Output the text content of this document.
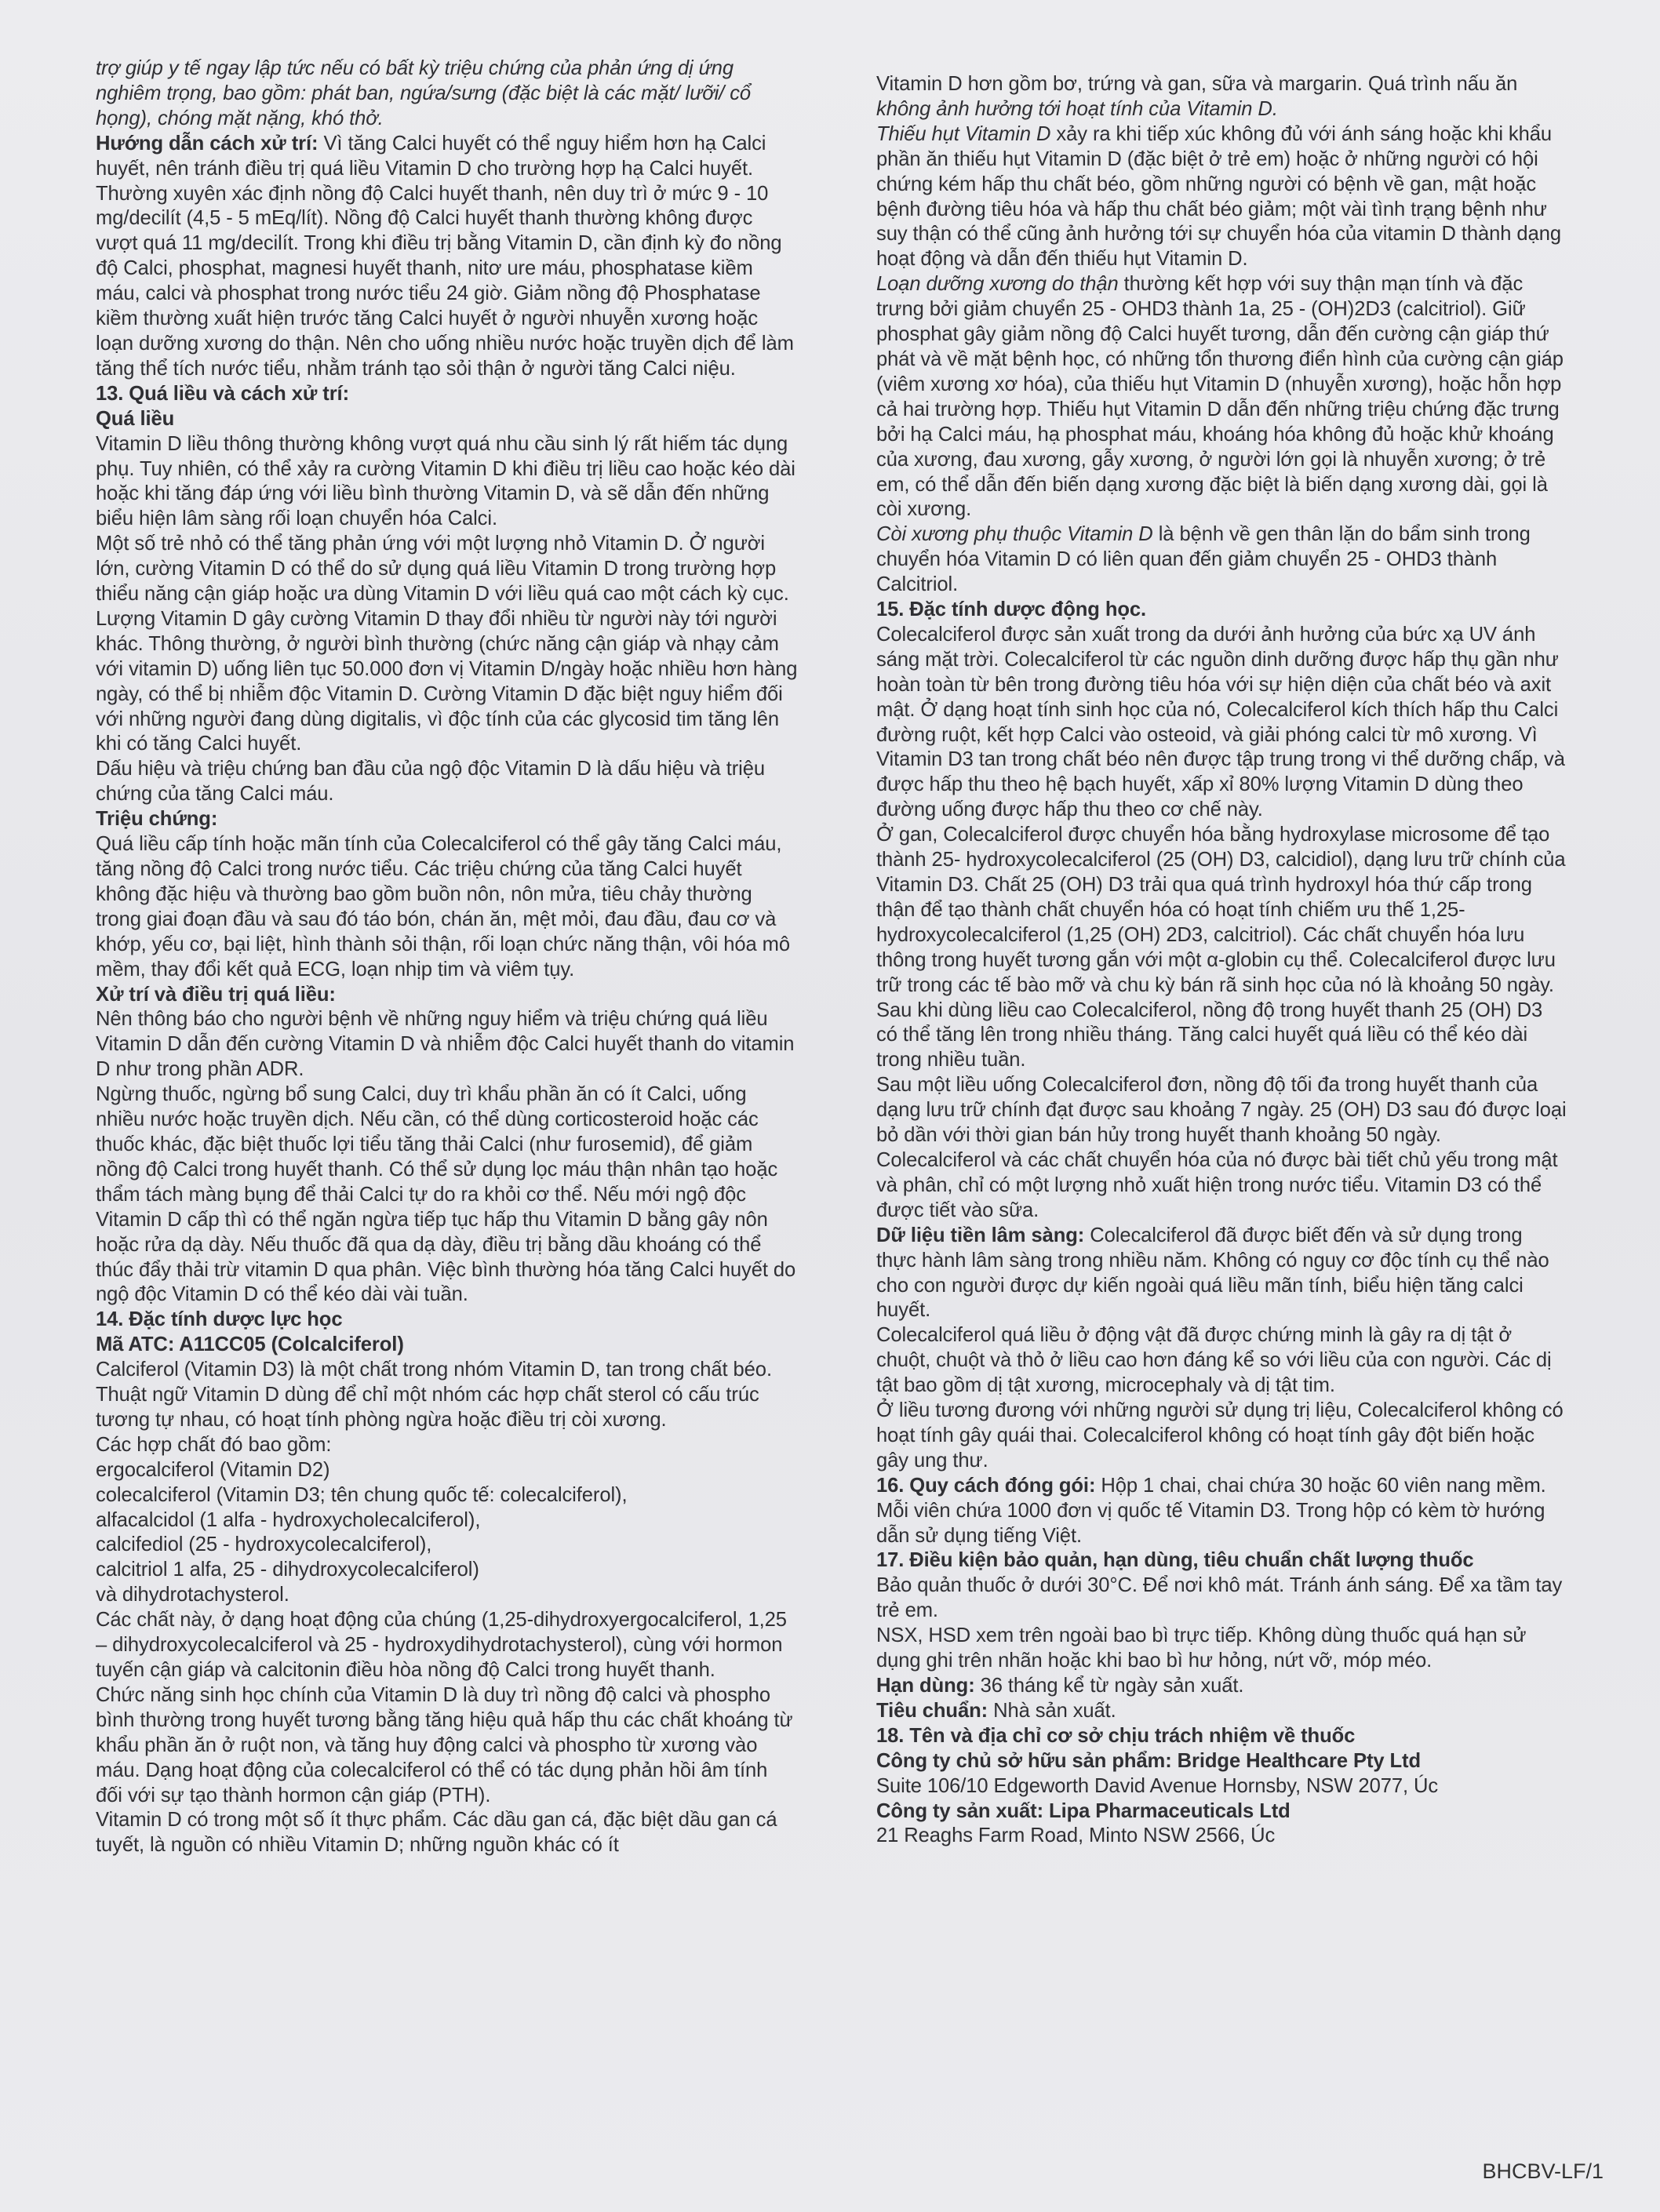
trợ giúp y tế ngay lập tức nếu có bất kỳ triệu chứng của phản ứng dị ứng nghiêm trọng, bao gồm: phát ban, ngứa/sưng (đặc biệt là các mặt/ lưỡi/ cổ họng), chóng mặt nặng, khó thở.

Hướng dẫn cách xử trí: Vì tăng Calci huyết có thể nguy hiểm hơn hạ Calci huyết, nên tránh điều trị quá liều Vitamin D cho trường hợp hạ Calci huyết. Thường xuyên xác định nồng độ Calci huyết thanh, nên duy trì ở mức 9 - 10 mg/decilít (4,5 - 5 mEq/lít). Nồng độ Calci huyết thanh thường không được vượt quá 11 mg/decilít. Trong khi điều trị bằng Vitamin D, cần định kỳ đo nồng độ Calci, phosphat, magnesi huyết thanh, nitơ ure máu, phosphatase kiềm máu, calci và phosphat trong nước tiểu 24 giờ. Giảm nồng độ Phosphatase kiềm thường xuất hiện trước tăng Calci huyết ở người nhuyễn xương hoặc loạn dưỡng xương do thận. Nên cho uống nhiều nước hoặc truyền dịch để làm tăng thể tích nước tiểu, nhằm tránh tạo sỏi thận ở người tăng Calci niệu.

13. Quá liều và cách xử trí:

Quá liều

Vitamin D liều thông thường không vượt quá nhu cầu sinh lý rất hiếm tác dụng phụ. Tuy nhiên, có thể xảy ra cường Vitamin D khi điều trị liều cao hoặc kéo dài hoặc khi tăng đáp ứng với liều bình thường Vitamin D, và sẽ dẫn đến những biểu hiện lâm sàng rối loạn chuyển hóa Calci.

Một số trẻ nhỏ có thể tăng phản ứng với một lượng nhỏ Vitamin D. Ở người lớn, cường Vitamin D có thể do sử dụng quá liều Vitamin D trong trường hợp thiểu năng cận giáp hoặc ưa dùng Vitamin D với liều quá cao một cách kỳ cục.

Lượng Vitamin D gây cường Vitamin D thay đổi nhiều từ người này tới người khác. Thông thường, ở người bình thường (chức năng cận giáp và nhạy cảm với vitamin D) uống liên tục 50.000 đơn vị Vitamin D/ngày hoặc nhiều hơn hàng ngày, có thể bị nhiễm độc Vitamin D. Cường Vitamin D đặc biệt nguy hiểm đối với những người đang dùng digitalis, vì độc tính của các glycosid tim tăng lên khi có tăng Calci huyết.

Dấu hiệu và triệu chứng ban đầu của ngộ độc Vitamin D là dấu hiệu và triệu chứng của tăng Calci máu.

Triệu chứng:

Quá liều cấp tính hoặc mãn tính của Colecalciferol có thể gây tăng Calci máu, tăng nồng độ Calci trong nước tiểu. Các triệu chứng của tăng Calci huyết không đặc hiệu và thường bao gồm buồn nôn, nôn mửa, tiêu chảy thường trong giai đoạn đầu và sau đó táo bón, chán ăn, mệt mỏi, đau đầu, đau cơ và khớp, yếu cơ, bại liệt, hình thành sỏi thận, rối loạn chức năng thận, vôi hóa mô mềm, thay đổi kết quả ECG, loạn nhịp tim và viêm tụy.

Xử trí và điều trị quá liều:

Nên thông báo cho người bệnh về những nguy hiểm và triệu chứng quá liều Vitamin D dẫn đến cường Vitamin D và nhiễm độc Calci huyết thanh do vitamin D như trong phần ADR.

Ngừng thuốc, ngừng bổ sung Calci, duy trì khẩu phần ăn có ít Calci, uống nhiều nước hoặc truyền dịch. Nếu cần, có thể dùng corticosteroid hoặc các thuốc khác, đặc biệt thuốc lợi tiểu tăng thải Calci (như furosemid), để giảm nồng độ Calci trong huyết thanh. Có thể sử dụng lọc máu thận nhân tạo hoặc thẩm tách màng bụng để thải Calci tự do ra khỏi cơ thể. Nếu mới ngộ độc Vitamin D cấp thì có thể ngăn ngừa tiếp tục hấp thu Vitamin D bằng gây nôn hoặc rửa dạ dày. Nếu thuốc đã qua dạ dày, điều trị bằng dầu khoáng có thể thúc đẩy thải trừ vitamin D qua phân. Việc bình thường hóa tăng Calci huyết do ngộ độc Vitamin D có thể kéo dài vài tuần.

14. Đặc tính dược lực học

Mã ATC: A11CC05 (Colcalciferol)

Calciferol (Vitamin D3) là một chất trong nhóm Vitamin D, tan trong chất béo. Thuật ngữ Vitamin D dùng để chỉ một nhóm các hợp chất sterol có cấu trúc tương tự nhau, có hoạt tính phòng ngừa hoặc điều trị còi xương.

Các hợp chất đó bao gồm:

ergocalciferol (Vitamin D2)

colecalciferol (Vitamin D3; tên chung quốc tế: colecalciferol),

alfacalcidol (1 alfa - hydroxycholecalciferol),

calcifediol (25 - hydroxycolecalciferol),

calcitriol 1 alfa, 25 - dihydroxycolecalciferol)

và dihydrotachysterol.

Các chất này, ở dạng hoạt động của chúng (1,25-dihydroxyergocalciferol, 1,25 – dihydroxycolecalciferol và 25 - hydroxydihydrotachysterol), cùng với hormon tuyến cận giáp và calcitonin điều hòa nồng độ Calci trong huyết thanh.

Chức năng sinh học chính của Vitamin D là duy trì nồng độ calci và phospho bình thường trong huyết tương bằng tăng hiệu quả hấp thu các chất khoáng từ khẩu phần ăn ở ruột non, và tăng huy động calci và phospho từ xương vào máu. Dạng hoạt động của colecalciferol có thể có tác dụng phản hồi âm tính đối với sự tạo thành hormon cận giáp (PTH).

Vitamin D có trong một số ít thực phẩm. Các dầu gan cá, đặc biệt dầu gan cá tuyết, là nguồn có nhiều Vitamin D; những nguồn khác có ít

Vitamin D hơn gồm bơ, trứng và gan, sữa và margarin. Quá trình nấu ăn không ảnh hưởng tới hoạt tính của Vitamin D.

Thiếu hụt Vitamin D xảy ra khi tiếp xúc không đủ với ánh sáng hoặc khi khẩu phần ăn thiếu hụt Vitamin D (đặc biệt ở trẻ em) hoặc ở những người có hội chứng kém hấp thu chất béo, gồm những người có bệnh về gan, mật hoặc bệnh đường tiêu hóa và hấp thu chất béo giảm; một vài tình trạng bệnh như suy thận có thể cũng ảnh hưởng tới sự chuyển hóa của vitamin D thành dạng hoạt động và dẫn đến thiếu hụt Vitamin D.

Loạn dưỡng xương do thận thường kết hợp với suy thận mạn tính và đặc trưng bởi giảm chuyển 25 - OHD3 thành 1a, 25 - (OH)2D3 (calcitriol). Giữ phosphat gây giảm nồng độ Calci huyết tương, dẫn đến cường cận giáp thứ phát và về mặt bệnh học, có những tổn thương điển hình của cường cận giáp (viêm xương xơ hóa), của thiếu hụt Vitamin D (nhuyễn xương), hoặc hỗn hợp cả hai trường hợp. Thiếu hụt Vitamin D dẫn đến những triệu chứng đặc trưng bởi hạ Calci máu, hạ phosphat máu, khoáng hóa không đủ hoặc khử khoáng của xương, đau xương, gẫy xương, ở người lớn gọi là nhuyễn xương; ở trẻ em, có thể dẫn đến biến dạng xương đặc biệt là biến dạng xương dài, gọi là còi xương.

Còi xương phụ thuộc Vitamin D là bệnh về gen thân lặn do bẩm sinh trong chuyển hóa Vitamin D có liên quan đến giảm chuyển 25 - OHD3 thành Calcitriol.

15. Đặc tính dược động học.

Colecalciferol được sản xuất trong da dưới ảnh hưởng của bức xạ UV ánh sáng mặt trời. Colecalciferol từ các nguồn dinh dưỡng được hấp thụ gần như hoàn toàn từ bên trong đường tiêu hóa với sự hiện diện của chất béo và axit mật. Ở dạng hoạt tính sinh học của nó, Colecalciferol kích thích hấp thu Calci đường ruột, kết hợp Calci vào osteoid, và giải phóng calci từ mô xương. Vì Vitamin D3 tan trong chất béo nên được tập trung trong vi thể dưỡng chấp, và được hấp thu theo hệ bạch huyết, xấp xỉ 80% lượng Vitamin D dùng theo đường uống được hấp thu theo cơ chế này.

Ở gan, Colecalciferol được chuyển hóa bằng hydroxylase microsome để tạo thành 25- hydroxycolecalciferol (25 (OH) D3, calcidiol), dạng lưu trữ chính của Vitamin D3. Chất 25 (OH) D3 trải qua quá trình hydroxyl hóa thứ cấp trong thận để tạo thành chất chuyển hóa có hoạt tính chiếm ưu thế 1,25-hydroxycolecalciferol (1,25 (OH) 2D3, calcitriol). Các chất chuyển hóa lưu thông trong huyết tương gắn với một α-globin cụ thể. Colecalciferol được lưu trữ trong các tế bào mỡ và chu kỳ bán rã sinh học của nó là khoảng 50 ngày.

Sau khi dùng liều cao Colecalciferol, nồng độ trong huyết thanh 25 (OH) D3 có thể tăng lên trong nhiều tháng. Tăng calci huyết quá liều có thể kéo dài trong nhiều tuần.

Sau một liều uống Colecalciferol đơn, nồng độ tối đa trong huyết thanh của dạng lưu trữ chính đạt được sau khoảng 7 ngày. 25 (OH) D3 sau đó được loại bỏ dần với thời gian bán hủy trong huyết thanh khoảng 50 ngày.

Colecalciferol và các chất chuyển hóa của nó được bài tiết chủ yếu trong mật và phân, chỉ có một lượng nhỏ xuất hiện trong nước tiểu. Vitamin D3 có thể được tiết vào sữa.

Dữ liệu tiền lâm sàng: Colecalciferol đã được biết đến và sử dụng trong thực hành lâm sàng trong nhiều năm. Không có nguy cơ độc tính cụ thể nào cho con người được dự kiến ngoài quá liều mãn tính, biểu hiện tăng calci huyết.

Colecalciferol quá liều ở động vật đã được chứng minh là gây ra dị tật ở chuột, chuột và thỏ ở liều cao hơn đáng kể so với liều của con người. Các dị tật bao gồm dị tật xương, microcephaly và dị tật tim.

Ở liều tương đương với những người sử dụng trị liệu, Colecalciferol không có hoạt tính gây quái thai. Colecalciferol không có hoạt tính gây đột biến hoặc gây ung thư.

16. Quy cách đóng gói: Hộp 1 chai, chai chứa 30 hoặc 60 viên nang mềm. Mỗi viên chứa 1000 đơn vị quốc tế Vitamin D3. Trong hộp có kèm tờ hướng dẫn sử dụng tiếng Việt.

17. Điều kiện bảo quản, hạn dùng, tiêu chuẩn chất lượng thuốc

Bảo quản thuốc ở dưới 30°C. Để nơi khô mát. Tránh ánh sáng. Để xa tầm tay trẻ em.

NSX, HSD xem trên ngoài bao bì trực tiếp. Không dùng thuốc quá hạn sử dụng ghi trên nhãn hoặc khi bao bì hư hỏng, nứt vỡ, móp méo.

Hạn dùng: 36 tháng kể từ ngày sản xuất.

Tiêu chuẩn: Nhà sản xuất.

18. Tên và địa chỉ cơ sở chịu trách nhiệm về thuốc

Công ty chủ sở hữu sản phẩm: Bridge Healthcare Pty Ltd

Suite 106/10 Edgeworth David Avenue Hornsby, NSW 2077, Úc

Công ty sản xuất: Lipa Pharmaceuticals Ltd

21 Reaghs Farm Road, Minto NSW 2566, Úc

BHCBV-LF/1
